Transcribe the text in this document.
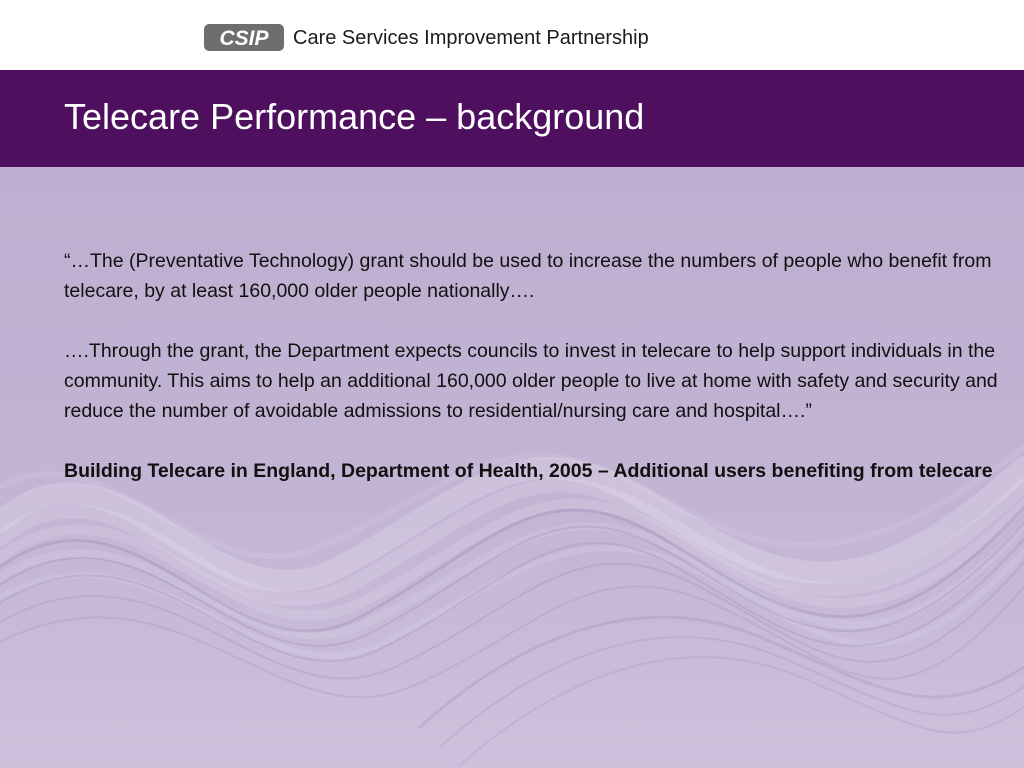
CSIP Care Services Improvement Partnership
Telecare Performance – background

“…The (Preventative Technology) grant should be used to increase the numbers of people who benefit from telecare, by at least 160,000 older people nationally….

….Through the grant, the Department expects councils to invest in telecare to help support individuals in the community. This aims to help an additional 160,000 older people to live at home with safety and security and reduce the number of avoidable admissions to residential/nursing care and hospital….”

Building Telecare in England, Department of Health, 2005 – Additional users benefiting from telecare
